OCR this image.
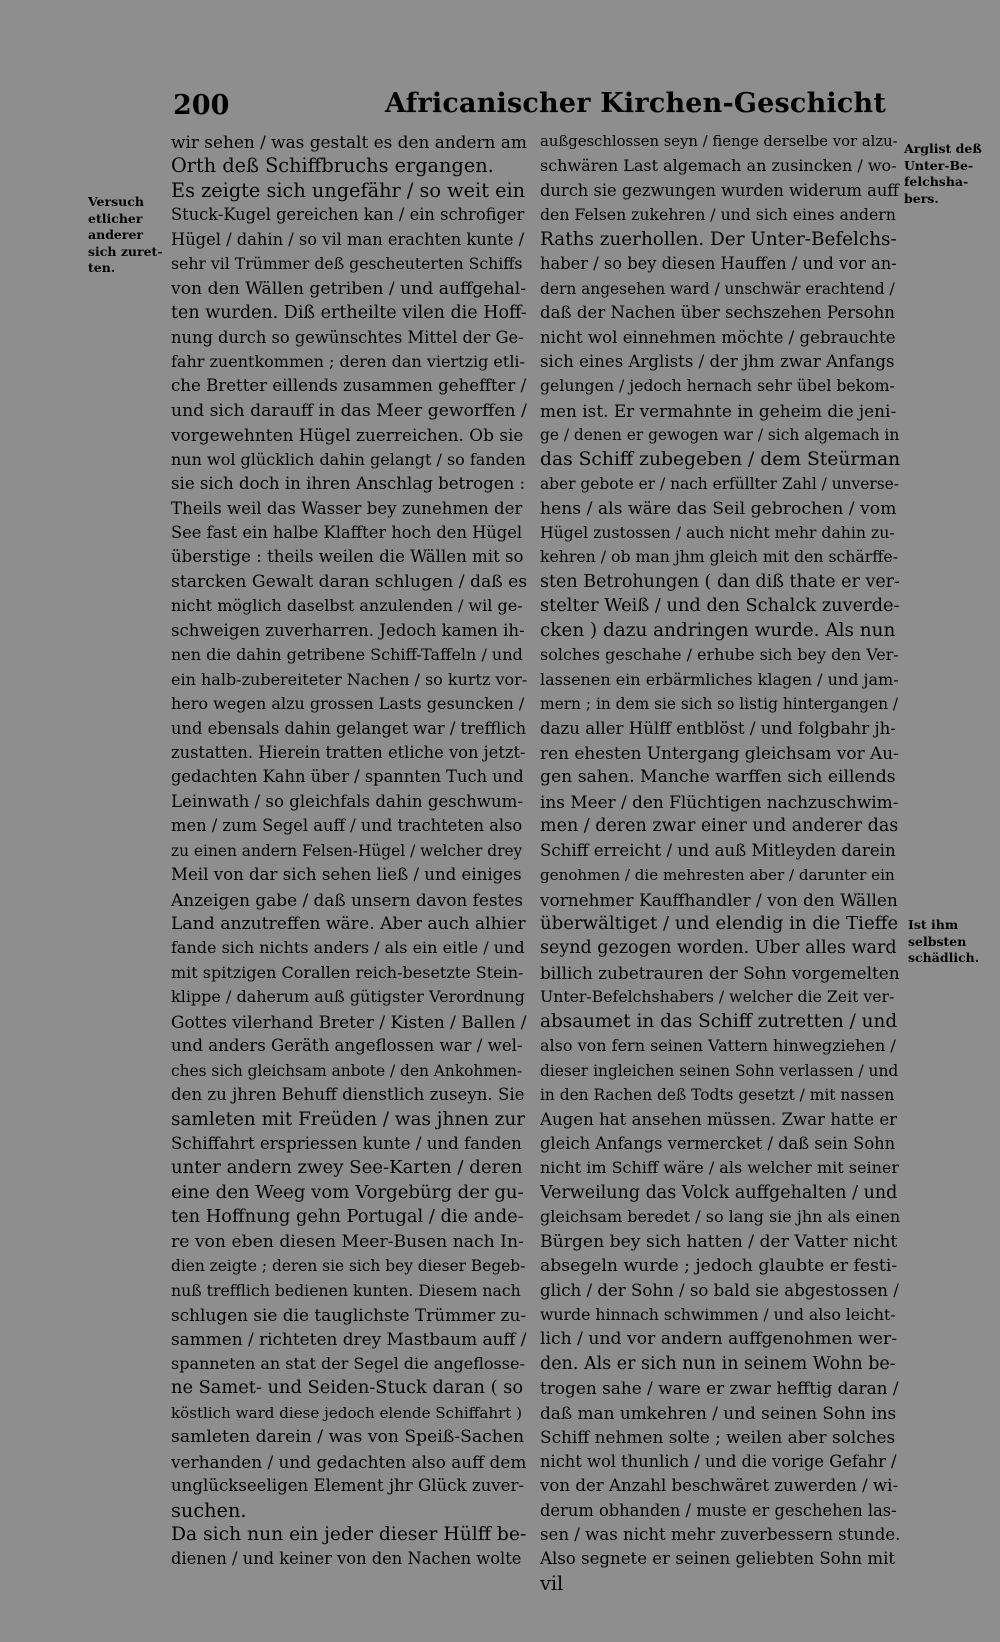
200	Africanischer Kirchen-Geschicht
Versuch
etlicher
anderer
sich zuret-
ten.
Arglist deß
Unter-Be-
felchsha-
bers.
Ist ihm
selbsten
schädlich.
wir sehen / was gestalt es den andern am
Orth deß Schiffbruchs ergangen.
Es zeigte sich ungefähr / so weit ein
Stuck-Kugel gereichen kan / ein schrofiger
Hügel / dahin / so vil man erachten kunte /
sehr vil Trümmer deß gescheuterten Schiffs
von den Wällen getriben / und auffgehal-
ten wurden. Diß ertheilte vilen die Hoff-
nung durch so gewünschtes Mittel der Ge-
fahr zuentkommen ; deren dan viertzig etli-
che Bretter eillends zusammen geheffter /
und sich darauff in das Meer geworffen /
vorgewehnten Hügel zuerreichen. Ob sie
nun wol glücklich dahin gelangt / so fanden
sie sich doch in ihren Anschlag betrogen :
Theils weil das Wasser bey zunehmen der
See fast ein halbe Klaffter hoch den Hügel
überstige : theils weilen die Wällen mit so
starcken Gewalt daran schlugen / daß es
nicht möglich daselbst anzulenden / wil ge-
schweigen zuverharren. Jedoch kamen ih-
nen die dahin getribene Schiff-Taffeln / und
ein halb-zubereiteter Nachen / so kurtz vor-
hero wegen alzu grossen Lasts gesuncken /
und ebensals dahin gelanget war / trefflich
zustatten. Hierein tratten etliche von jetzt-
gedachten Kahn über / spannten Tuch und
Leinwath / so gleichfals dahin geschwum-
men / zum Segel auff / und trachteten also
zu einen andern Felsen-Hügel / welcher drey
Meil von dar sich sehen ließ / und einiges
Anzeigen gabe / daß unsern davon festes
Land anzutreffen wäre. Aber auch alhier
fande sich nichts anders / als ein eitle / und
mit spitzigen Corallen reich-besetzte Stein-
klippe / daherum auß gütigster Verordnung
Gottes vilerhand Breter / Kisten / Ballen /
und anders Geräth angeflossen war / wel-
ches sich gleichsam anbote / den Ankohmen-
den zu jhren Behuff dienstlich zuseyn. Sie
samleten mit Freüden / was jhnen zur
Schiffahrt erspriessen kunte / und fanden
unter andern zwey See-Karten / deren
eine den Weeg vom Vorgebürg der gu-
ten Hoffnung gehn Portugal / die ande-
re von eben diesen Meer-Busen nach In-
dien zeigte ; deren sie sich bey dieser Begeb-
nuß trefflich bedienen kunten. Diesem nach
schlugen sie die tauglichste Trümmer zu-
sammen / richteten drey Mastbaum auff /
spanneten an stat der Segel die angeflosse-
ne Samet- und Seiden-Stuck daran ( so
köstlich ward diese jedoch elende Schiffahrt )
samleten darein / was von Speiß-Sachen
verhanden / und gedachten also auff dem
unglückseeligen Element jhr Glück zuver-
suchen.
Da sich nun ein jeder dieser Hülff be-
dienen / und keiner von den Nachen wolte
außgeschlossen seyn / fienge derselbe vor alzu-
schwären Last algemach an zusincken / wo-
durch sie gezwungen wurden widerum auff
den Felsen zukehren / und sich eines andern
Raths zuerhollen. Der Unter-Befelchs-
haber / so bey diesen Hauffen / und vor an-
dern angesehen ward / unschwär erachtend /
daß der Nachen über sechszehen Persohn
nicht wol einnehmen möchte / gebrauchte
sich eines Arglists / der jhm zwar Anfangs
gelungen / jedoch hernach sehr übel bekom-
men ist. Er vermahnte in geheim die jeni-
ge / denen er gewogen war / sich algemach in
das Schiff zubegeben / dem Steürman
aber gebote er / nach erfüllter Zahl / unverse-
hens / als wäre das Seil gebrochen / vom
Hügel zustossen / auch nicht mehr dahin zu-
kehren / ob man jhm gleich mit den schärffe-
sten Betrohungen ( dan diß thate er ver-
stelter Weiß / und den Schalck zuverde-
cken ) dazu andringen wurde. Als nun
solches geschahe / erhube sich bey den Ver-
lassenen ein erbärmliches klagen / und jam-
mern ; in dem sie sich so listig hintergangen /
dazu aller Hülff entblöst / und folgbahr jh-
ren ehesten Untergang gleichsam vor Au-
gen sahen. Manche warffen sich eillends
ins Meer / den Flüchtigen nachzuschwim-
men / deren zwar einer und anderer das
Schiff erreicht / und auß Mitleyden darein
genohmen / die mehresten aber / darunter ein
vornehmer Kauffhandler / von den Wällen
überwältiget / und elendig in die Tieffe
seynd gezogen worden. Uber alles ward
billich zubetrauren der Sohn vorgemelten
Unter-Befelchshabers / welcher die Zeit ver-
absaumet in das Schiff zutretten / und
also von fern seinen Vattern hinwegziehen /
dieser ingleichen seinen Sohn verlassen / und
in den Rachen deß Todts gesetzt / mit nassen
Augen hat ansehen müssen. Zwar hatte er
gleich Anfangs vermercket / daß sein Sohn
nicht im Schiff wäre / als welcher mit seiner
Verweilung das Volck auffgehalten / und
gleichsam beredet / so lang sie jhn als einen
Bürgen bey sich hatten / der Vatter nicht
absegeln wurde ; jedoch glaubte er festi-
glich / der Sohn / so bald sie abgestossen /
wurde hinnach schwimmen / und also leicht-
lich / und vor andern auffgenohmen wer-
den. Als er sich nun in seinem Wohn be-
trogen sahe / ware er zwar hefftig daran /
daß man umkehren / und seinen Sohn ins
Schiff nehmen solte ; weilen aber solches
nicht wol thunlich / und die vorige Gefahr /
von der Anzahl beschwäret zuwerden / wi-
derum obhanden / muste er geschehen las-
sen / was nicht mehr zuverbessern stunde.
Also segnete er seinen geliebten Sohn mit
vil
